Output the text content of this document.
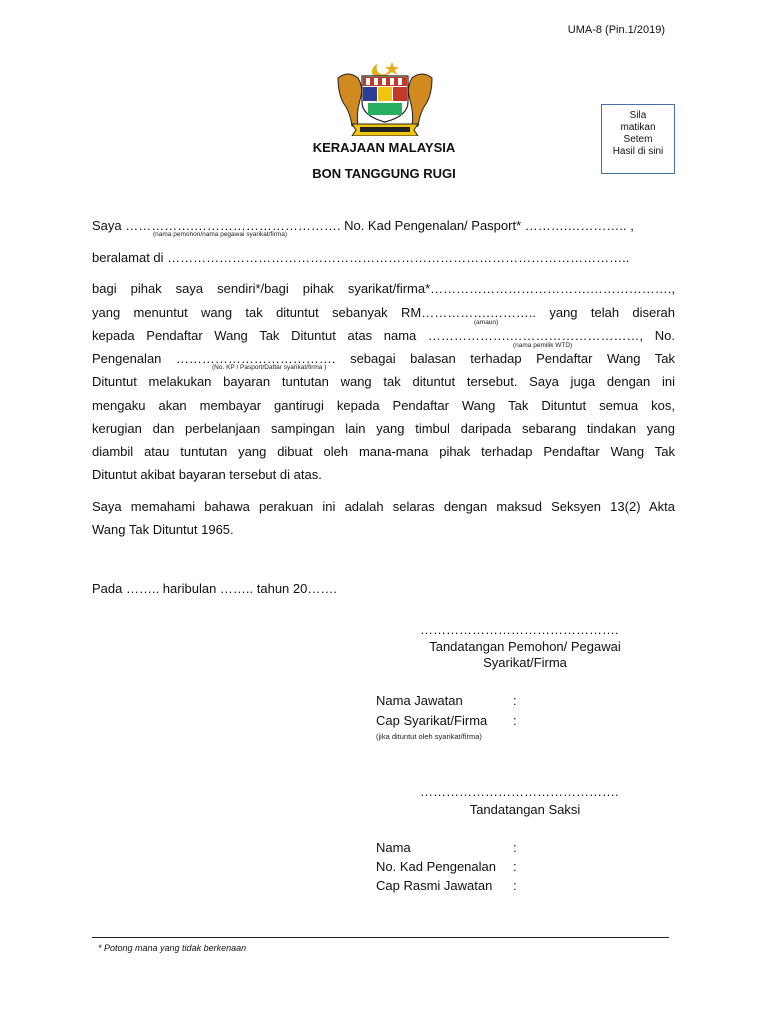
UMA-8 (Pin.1/2019)
Sila
matikan
Setem
Hasil di sini
KERAJAAN MALAYSIA
BON TANGGUNG RUGI
Saya …………….……………………………. No. Kad Pengenalan/ Pasport* ……….………….. ,
(nama pemohon/nama pegawai syarikat/firma)
beralamat di ……………………………………………………………………………………………..
bagi pihak saya sendiri*/bagi pihak syarikat/firma*……………………………….……………….,
yang menuntut wang tak dituntut sebanyak RM…………….……….. yang telah diserah
(amaun)
kepada Pendaftar Wang Tak Dituntut atas nama ……………….…………………………, No.
(nama pemilik WTD)
Pengenalan ………………………………. sebagai balasan terhadap Pendaftar Wang Tak
(No. KP / Pasport/Daftar syarikat/firma )
Dituntut melakukan bayaran tuntutan wang tak dituntut tersebut. Saya juga dengan ini
mengaku akan membayar gantirugi kepada Pendaftar Wang Tak Dituntut semua kos,
kerugian dan perbelanjaan sampingan lain yang timbul daripada sebarang tindakan yang
diambil atau tuntutan yang dibuat oleh mana-mana pihak terhadap Pendaftar Wang Tak
Dituntut akibat bayaran tersebut di atas.
Saya memahami bahawa perakuan ini adalah selaras dengan maksud Seksyen 13(2) Akta
Wang Tak Dituntut 1965.
Pada …….. haribulan …….. tahun 20…….
……………………………………….
Tandatangan Pemohon/ Pegawai
Syarikat/Firma
Nama Jawatan	:
Cap Syarikat/Firma :
(jika dituntut oleh syarikat/firma)
……………………………………….
Tandatangan Saksi
Nama	:
No. Kad Pengenalan :
Cap Rasmi Jawatan :
* Potong mana yang tidak berkenaan
